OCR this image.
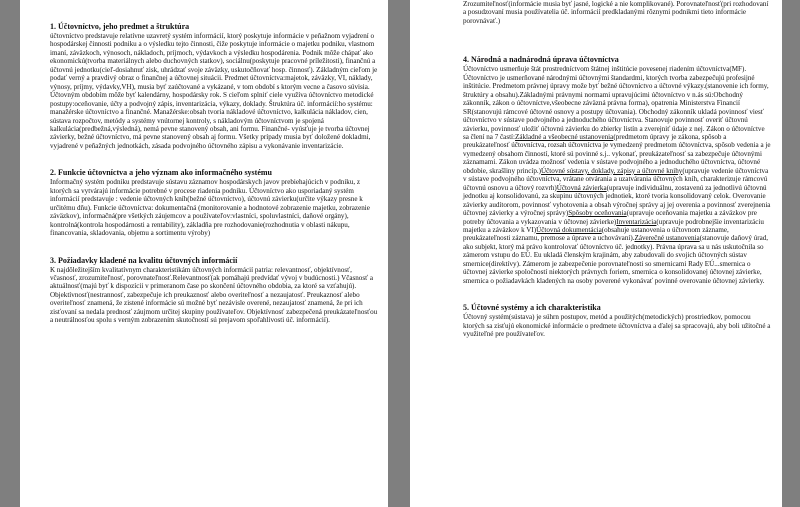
1. Účtovníctvo, jeho predmet a štruktúra

účtovníctvo predstavuje relatívne uzavretý systém informácií, ktorý poskytuje informácie v peňažnom vyjadrení o hospodárskej činnosti podniku a o výsledku tejto činnosti, čiže poskytuje informácie o majetku podniku, vlastnom imaní, záväzkoch, výnosoch, nákladoch, príjmoch, výdavkoch a výsledku hospodárenia. Podnik môže chápať ako ekonomickú(tvorba materiálnych alebo duchovných statkov), sociálnu(poskytuje pracovné príležitosti), finančnú a účtovnú jednotku(cieľ-dosiahnuť zisk, uhrádzať svoje záväzky, uskutočňovať hosp. činnosť). Základným cieľom je podať verný a pravdivý obraz o finančnej a účtovnej situácii. Predmet účtovníctva:majetok, záväzky, VI, náklady, výnosy, príjmy, výdavky,VH), musia byť zaúčtované a vykázané, v tom období s ktorým vecne a časovo súvisia. Účtovným obdobím môže byť kalendárny, hospodársky rok. S cieľom splniť ciele využíva účtovníctvo metodické postupy:oceňovanie, účty a podvojný zápis, inventarizácia, výkazy, doklady. Štruktúra úč. informácií:ho systému: manažérske účtovníctvo a finančné. Manažérske:obsah tvoria nákladové účtovníctvo, kalkulácia nákladov, cien, sústava rozpočtov, metódy a systémy vnútornej kontroly, s nákladovým účtovníctvom je spojená kalkulácia(predbežná,výsledná), nemá pevne stanovený obsah, ani formu. Finančné- vyúsťuje je tvorba účtovnej závierky, bežné účtovníctvo, má pevne stanovený obsah aj formu. Všetky prípady musia byť doložené dokladmi, vyjadrené v peňažných jednotkách, zásada podvojného účtovného zápisu a vykonávanie inventarizácie.

2. Funkcie účtovníctva a jeho význam ako informačného systému

Informačný systém podniku predstavuje sústavu záznamov hospodárskych javov prebiehajúcich v podniku, z ktorých sa vytvárajú informácie potrebné v procese riadenia podniku. Účtovníctvo ako usporiadaný systém informácií predstavuje : vedenie účtovných kníh(bežné účtovníctvo), účtovnú závierku(určite výkazy presne k určitému dňu). Funkcie účtovníctva: dokumentačná (monitorovanie a hodnotové zobrazenie majetku, zobrazenie záväzkov), informačná(pre všetkých záujemcov a používateľov:vlastníci, spoluvlastníci, daňové orgány), kontrolná(kontrola hospodárnosti a rentability), základňa pre rozhodovanie(rozhodnutia v oblasti nákupu, financovania, skladovania, objemu a sortimentu výroby)

3. Požiadavky kladené na kvalitu účtovných informácií

K najdôležitejším kvalitatívnym charakteristikám účtovných informácií patria: relevantnosť, objektívnosť, včasnosť, zrozumiteľnosť, porovnateľnosť.Relevantnosť(ak pomáhajú predvídať vývoj v budúcnosti.) Včasnosť a aktuálnosť(majú byť k dispozícii v primeranom čase po skončení účtovného obdobia, za ktoré sa vzťahujú). Objektívnosť(nestrannosť, zabezpečuje ich preukaznosť alebo overiteľnosť a nezaujatosť. Preukaznosť alebo overiteľnosť znamená, že zistené informácie sú možné byť nezávisle overené, nezaujatosť znamená, že pri ich zisťovaní sa nedala prednosť záujmom určitej skupiny používateľov. Objektívnosť zabezpečená preukázateľnosťou a neutrálnosťou spolu s verným zobrazením skutočností sú prejavom spoľahlivosti úč. informácií).

Zrozumiteľnosť(informácie musia byť jasné, logické a nie komplikované). Porovnateľnosť(pri rozhodovaní a posudzovaní musia používatelia úč. informácií predkladanými rôznymi podnikmi tieto informácie porovnávať.)

4. Národná a nadnárodná úprava účtovníctva

Účtovníctvo usmerňuje štát prostredníctvom štátnej inštitúcie povesenej riadením účtovníctva(MF). Účtovníctvo je usmerňované národnými účtovnými štandardmi, ktorých tvorba zabezpečujú profesijné inštitúcie. Predmetom právnej úpravy može byť bežné účtovníctvo a účtovné výkazy.(stanovenie ich formy, štruktúry a obsahu).Základnými právnymi normami upravujúcimi účtovníctvo v n.ás sú:Obchodný zákonník, zákon o účtovníctve,všeobecne záväzná právna forma), opatrenia Ministerstva Financií SR(stanovujú rámcové účtovné osnovy a postupy účtovania). Obchodný zákonník ukladá povinnosť viesť účtovníctvo v sústave podvojného a jednoduchého účtovníctva. Stanovuje povinnosť overiť účtovnú závierku, povinnosť uložiť účtovnú závierku do zbierky listín a zverejniť údaje z nej. Zákon o účtovníctve sa člení na 7 častí:Základné a všeobecné ustanovenia(predmetom úpravy je zákona, spôsob a preukázateľnosť účtovníctva, rozsah účtovníctva je vymedzený predmetom účtovníctva, spôsob vedenia a je vymedzený obsahom činností, ktoré sú povinné s.j.. vykonať, preukázateľnosť sa zabezpečuje účtovnými záznamami. Zákon uvádza možnosť vedenia v sústave podvojného a jednoduchého účtovníctva, účtovné obdobie, skrašliny princíp.)Účtovné sústavy, doklady, zápisy a účtovné knihy(upravuje vedenie účtovníctva v sústave podvojného účtovníctva, vrátane otvárania a uzatvárania účtovných kníh, charakterizuje rámcovú účtovnú osnovu a účtový rozvrh)Účtovná závierka(upravuje individuálnu, zostavenú za jednotlivú účtovnú jednotku aj konsolidovanú, za skupinu účtovných jednotiek, ktoré tvoria konsolidovaný celok. Overovanie závierky audítorom, povinnosť vyhotovenia a obsah výročnej správy aj jej overenia a povinnosť zverejnenia účtovnej závierky a výročnej správy)Spôsoby oceňovania(upravuje oceňovania majetku a záväzkov pre potreby účtovania a vykazovania v účtovnej závierke)Inventarizácia(upravuje podrobnejšie inventarizáciu majetku a záväzkov k VI)Účtovná dokumentácia(obsahuje ustanovenia o účtovnom zázname, preukázateľnosti záznamu, premose a úprave a uchovávaní).Záverečné ustanovenia(stanovuje daňový úrad, ako subjekt, ktorý má právo kontrolovať účtovníctvo úč. jednotky). Právna úprava sa u nás uskutočnila so zámerom vstupu do EÚ. Eu ukladá členským krajinám, aby zabudovali do svojich účtovných sústav smernice(direktívy). Zámerom je zabezpečenie porovnateľnosti so smernicami Rady EÚ...smernica o účtovnej závierke spoločností niektorých právnych foriem, smernica o konsolidovanej účtovnej závierke, smernica o požiadavkách kladených na osoby poverené vykonávať povinné overovanie účtovnej závierky.

5. Účtovné systémy a ich charakteristika

Účtovný systém(sústava) je súhrn postupov, metód a použitých(metodických) prostriedkov, pomocou ktorých sa zisťujú ekonomické informácie o predmete účtovníctva a ďalej sa spracovajú, aby boli užitočné a využiteľné pre používateľov.
